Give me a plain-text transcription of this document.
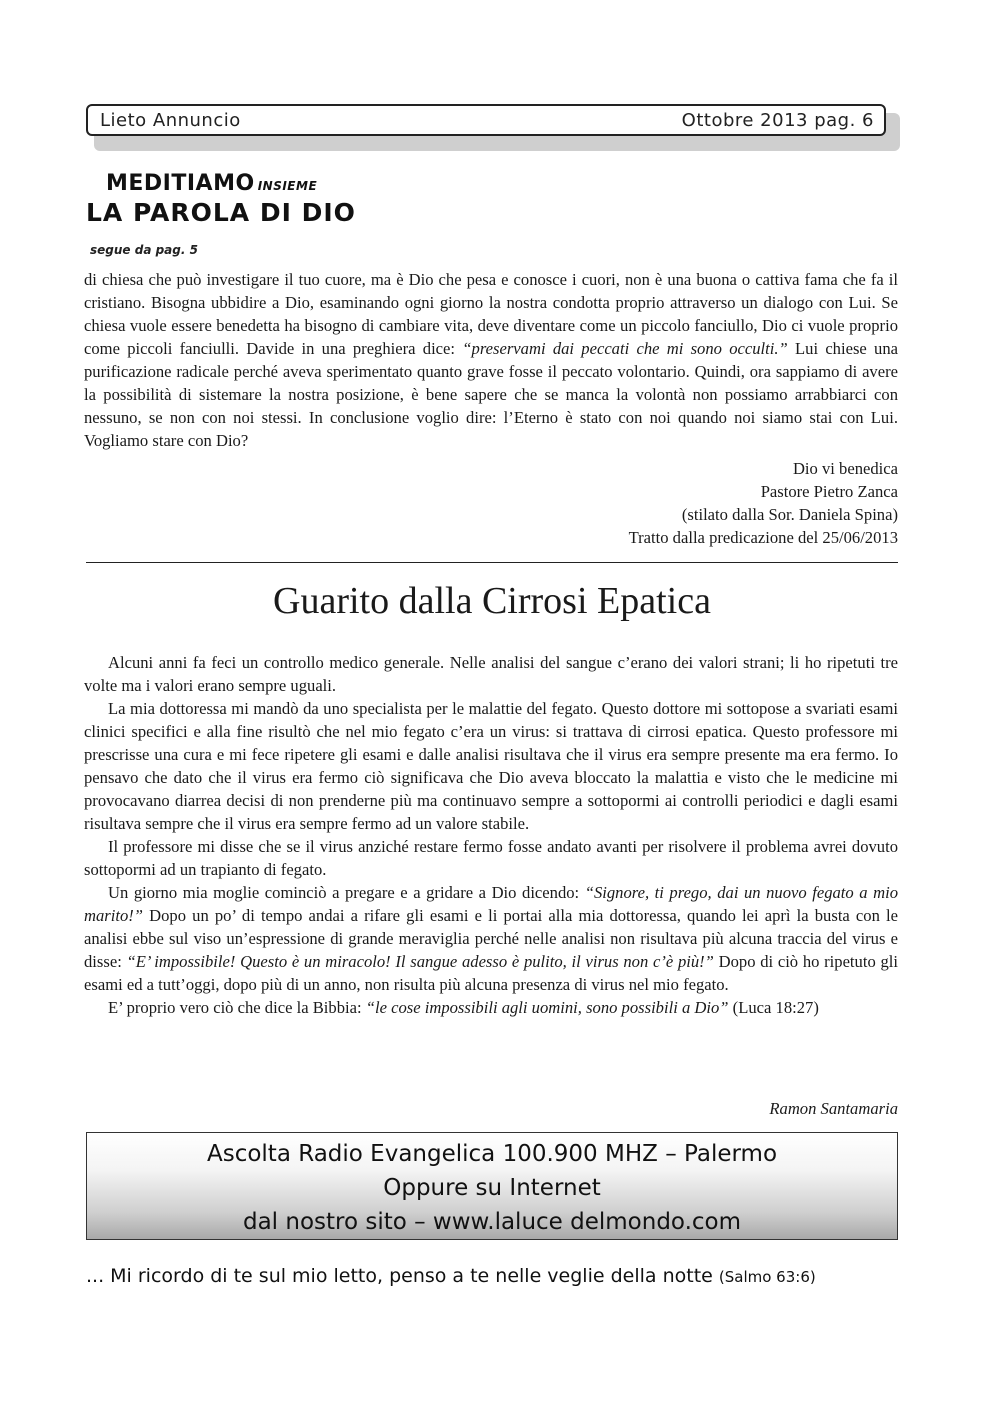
Lieto Annuncio	Ottobre 2013 pag. 6
MEDITIAMO INSIEME
LA PAROLA DI DIO
segue da pag. 5

di chiesa che può investigare il tuo cuore, ma è Dio che pesa e conosce i cuori, non è una buona o cattiva fama che fa il cristiano. Bisogna ubbidire a Dio, esaminando ogni giorno la nostra condotta proprio attraverso un dialogo con Lui. Se chiesa vuole essere benedetta ha bisogno di cambiare vita, deve diventare come un piccolo fanciullo, Dio ci vuole proprio come piccoli fanciulli. Davide in una preghiera dice: “preservami dai peccati che mi sono occulti.” Lui chiese una purificazione radicale perché aveva sperimentato quanto grave fosse il peccato volontario. Quindi, ora sappiamo di avere la possibilità di sistemare la nostra posizione, è bene sapere che se manca la volontà non possiamo arrabbiarci con nessuno, se non con noi stessi. In conclusione voglio dire: l’Eterno è stato con noi quando noi siamo stai con Lui. Vogliamo stare con Dio?

Dio vi benedica
Pastore Pietro Zanca
(stilato dalla Sor. Daniela Spina)
Tratto dalla predicazione del 25/06/2013
Guarito dalla Cirrosi Epatica

Alcuni anni fa feci un controllo medico generale. Nelle analisi del sangue c’erano dei valori strani; li ho ripetuti tre volte ma i valori erano sempre uguali.

La mia dottoressa mi mandò da uno specialista per le malattie del fegato. Questo dottore mi sottopose a svariati esami clinici specifici e alla fine risultò che nel mio fegato c’era un virus: si trattava di cirrosi epatica. Questo professore mi prescrisse una cura e mi fece ripetere gli esami e dalle analisi risultava che il virus era sempre presente ma era fermo. Io pensavo che dato che il virus era fermo ciò significava che Dio aveva bloccato la malattia e visto che le medicine mi provocavano diarrea decisi di non prenderne più ma continuavo sempre a sottopormi ai controlli periodici e dagli esami risultava sempre che il virus era sempre fermo ad un valore stabile.

Il professore mi disse che se il virus anziché restare fermo fosse andato avanti per risolvere il problema avrei dovuto sottopormi ad un trapianto di fegato.

Un giorno mia moglie cominciò a pregare e a gridare a Dio dicendo: “Signore, ti prego, dai un nuovo fegato a mio marito!” Dopo un po’ di tempo andai a rifare gli esami e li portai alla mia dottoressa, quando lei aprì la busta con le analisi ebbe sul viso un’espressione di grande meraviglia perché nelle analisi non risultava più alcuna traccia del virus e disse: “E’ impossibile! Questo è un miracolo! Il sangue adesso è pulito, il virus non c’è più!” Dopo di ciò ho ripetuto gli esami ed a tutt’oggi, dopo più di un anno, non risulta più alcuna presenza di virus nel mio fegato.

E’ proprio vero ciò che dice la Bibbia: “le cose impossibili agli uomini, sono possibili a Dio” (Luca 18:27)

Ramon Santamaria
Ascolta Radio Evangelica 100.900 MHZ – Palermo
Oppure su Internet
dal nostro sito – www.laluce delmondo.com
... Mi ricordo di te sul mio letto, penso a te nelle veglie della notte (Salmo 63:6)
